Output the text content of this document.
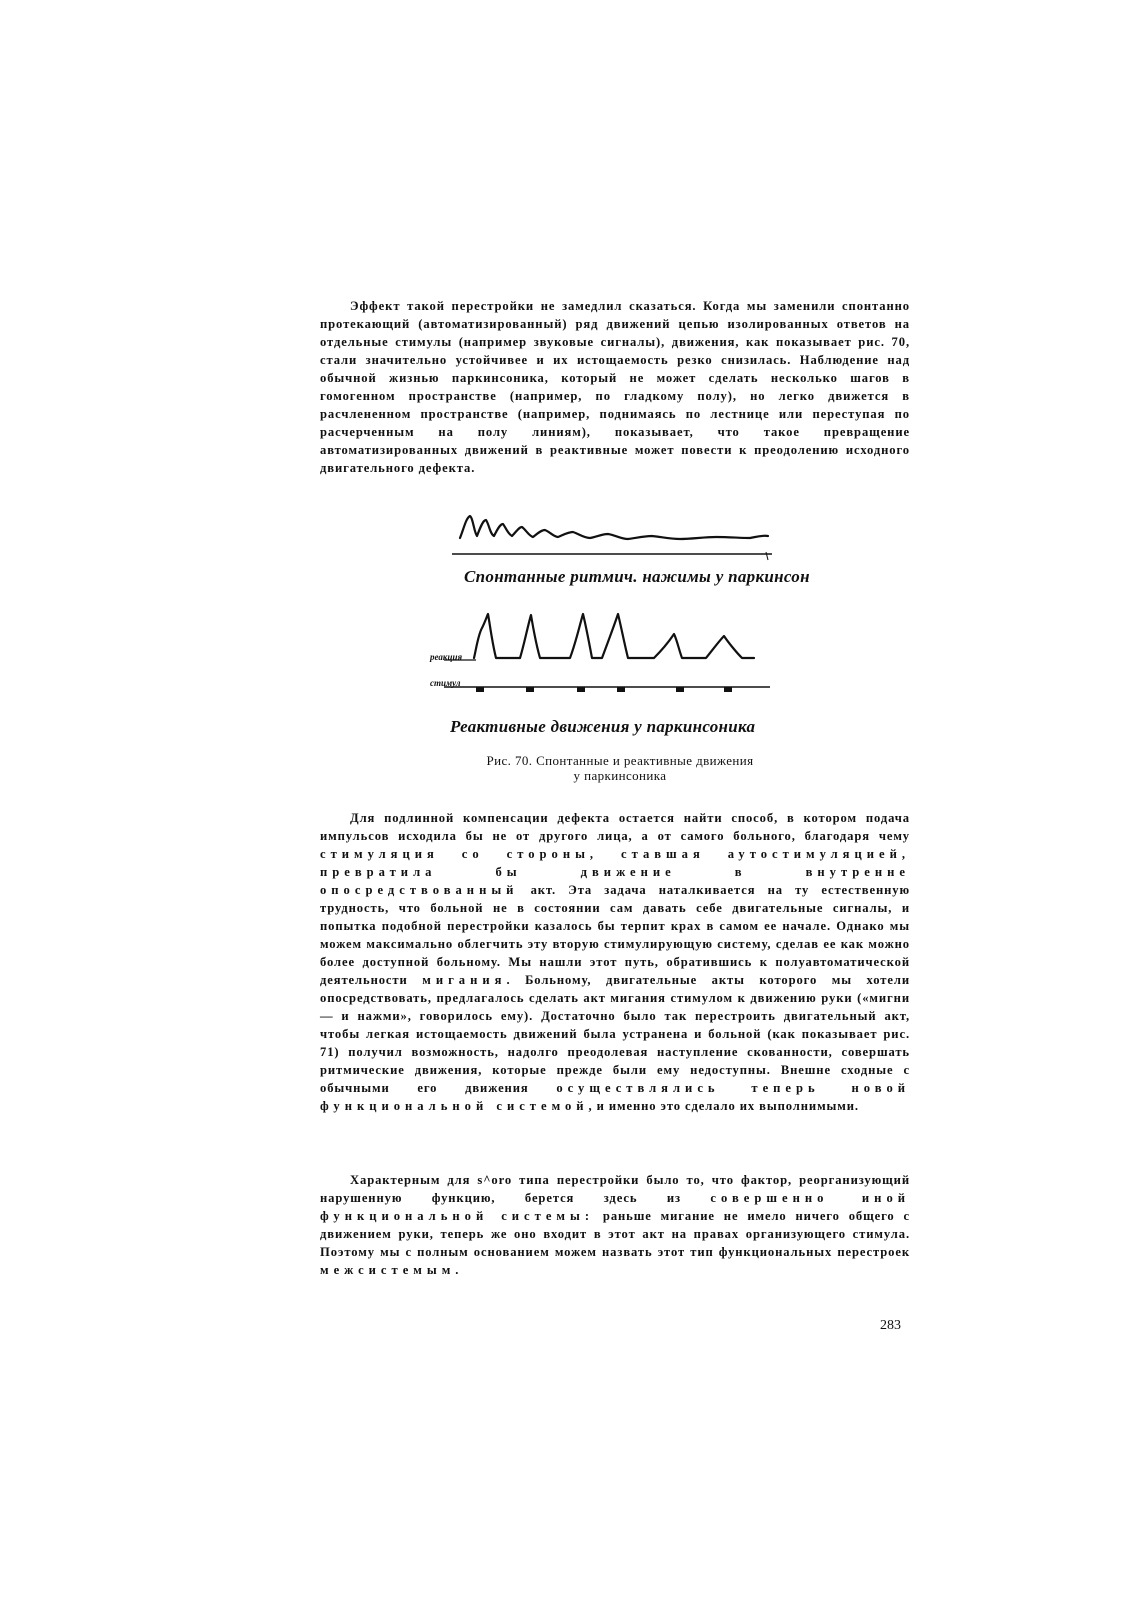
Эффект такой перестройки не замедлил сказаться. Когда мы заменили спонтанно протекающий (автоматизированный) ряд движений цепью изолированных ответов на отдельные стимулы (например звуковые сигналы), движения, как показывает рис. 70, стали значительно устойчивее и их истощаемость резко снизилась. Наблюдение над обычной жизнью паркинсоника, который не может сделать несколько шагов в гомогенном пространстве (например, по гладкому полу), но легко движется в расчлененном пространстве (например, поднимаясь по лестнице или переступая по расчерченным на полу линиям), показывает, что такое превращение автоматизированных движений в реактивные может повести к преодолению исходного двигательного дефекта.

Спонтанные ритмич. нажимы у паркинсон
реакция
стимул
Реактивные движения у паркинсоника
Рис. 70. Спонтанные и реактивные движения
у паркинсоника

Для подлинной компенсации дефекта остается найти способ, в котором подача импульсов исходила бы не от другого лица, а от самого больного, благодаря чему стимуляция со стороны, ставшая аутостимуляцией, превратила бы движение в внутренне опосредствованный акт. Эта задача наталкивается на ту естественную трудность, что больной не в состоянии сам давать себе двигательные сигналы, и попытка подобной перестройки казалось бы терпит крах в самом ее начале. Однако мы можем максимально облегчить эту вторую стимулирующую систему, сделав ее как можно более доступной больному. Мы нашли этот путь, обратившись к полуавтоматической деятельности мигания. Больному, двигательные акты которого мы хотели опосредствовать, предлагалось сделать акт мигания стимулом к движению руки («мигни — и нажми», говорилось ему). Достаточно было так перестроить двигательный акт, чтобы легкая истощаемость движений была устранена и больной (как показывает рис. 71) получил возможность, надолго преодолевая наступление скованности, совершать ритмические движения, которые прежде были ему недоступны. Внешне сходные с обычными его движения осуществлялись теперь новой функциональной системой, и именно это сделало их выполнимыми.

Характерным для s^oro типа перестройки было то, что фактор, реорганизующий нарушенную функцию, берется здесь из совершенно иной функциональной системы: раньше мигание не имело ничего общего с движением руки, теперь же оно входит в этот акт на правах организующего стимула. Поэтому мы с полным основанием можем назвать этот тип функциональных перестроек межсистемым.

283
